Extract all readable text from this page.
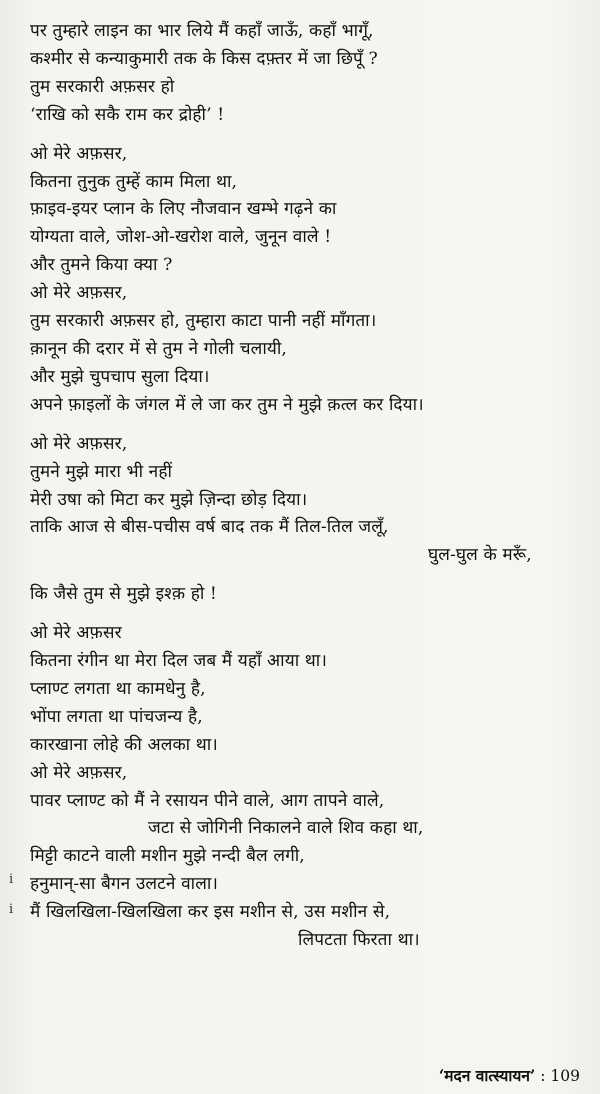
पर तुम्हारे लाइन का भार लिये मैं कहाँ जाऊँ, कहाँ भागूँ,
कश्मीर से कन्याकुमारी तक के किस दफ़्तर में जा छिपूँ ?
तुम सरकारी अफ़सर हो
‘राखि को सकै राम कर द्रोही’ !
ओ मेरे अफ़सर,
कितना तुनुक तुम्हें काम मिला था,
फ़ाइव-इयर प्लान के लिए नौजवान खम्भे गढ़ने का
योग्यता वाले, जोश-ओ-खरोश वाले, जुनून वाले !
और तुमने किया क्या ?
ओ मेरे अफ़सर,
तुम सरकारी अफ़सर हो, तुम्हारा काटा पानी नहीं माँगता।
क़ानून की दरार में से तुम ने गोली चलायी,
और मुझे चुपचाप सुला दिया।
अपने फ़ाइलों के जंगल में ले जा कर तुम ने मुझे क़त्ल कर दिया।
ओ मेरे अफ़सर,
तुमने मुझे मारा भी नहीं
मेरी उषा को मिटा कर मुझे ज़िन्दा छोड़ दिया।
ताकि आज से बीस-पचीस वर्ष बाद तक मैं तिल-तिल जलूँ,
घुल-घुल के मरूँ,
कि जैसे तुम से मुझे इश्क़ हो !
ओ मेरे अफ़सर
कितना रंगीन था मेरा दिल जब मैं यहाँ आया था।
प्लाण्ट लगता था कामधेनु है,
भोंपा लगता था पांचजन्य है,
कारखाना लोहे की अलका था।
ओ मेरे अफ़सर,
पावर प्लाण्ट को मैं ने रसायन पीने वाले, आग तापने वाले,
जटा से जोगिनी निकालने वाले शिव कहा था,
मिट्टी काटने वाली मशीन मुझे नन्दी बैल लगी,
हनुमान्-सा बैगन उलटने वाला।
मैं खिलखिला-खिलखिला कर इस मशीन से, उस मशीन से,
लिपटता फिरता था।
i
i
‘मदन वात्स्यायन’ : 109
